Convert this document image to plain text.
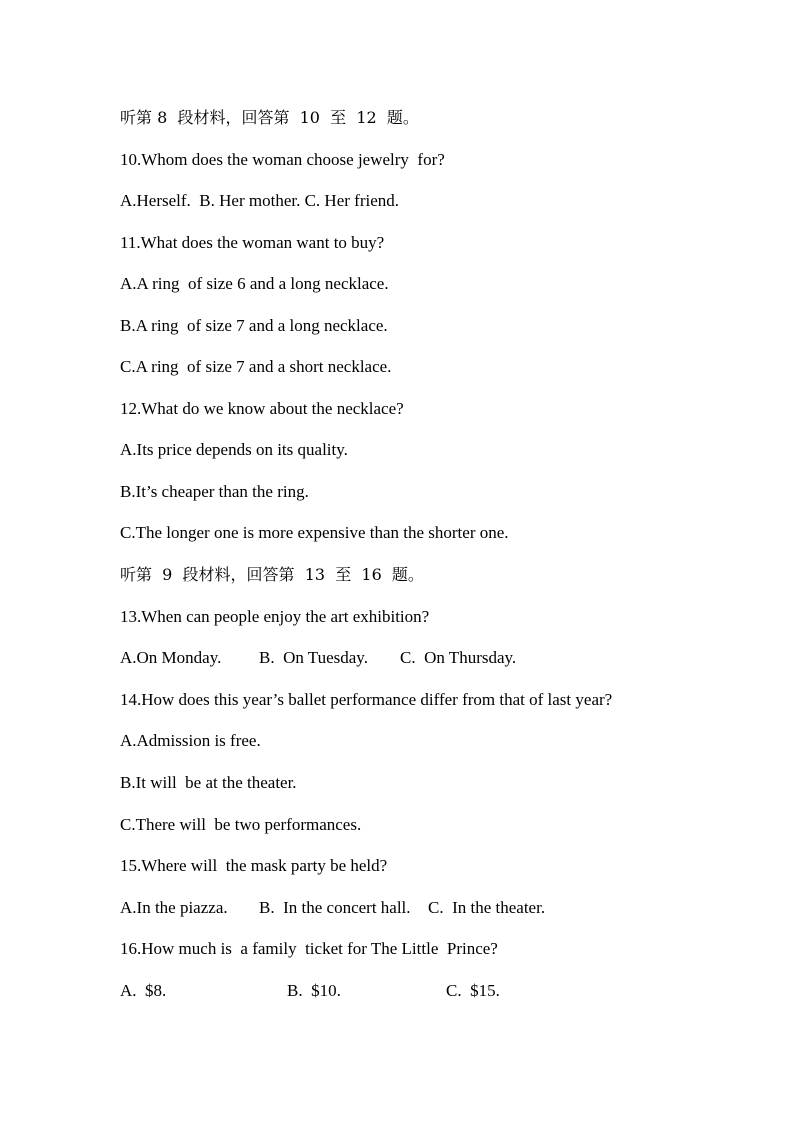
听第 8  段材料，回答第  10  至  12  题。
10.Whom does the woman choose jewelry  for?
A.Herself.  B. Her mother. C. Her friend.
11.What does the woman want to buy?
A.A ring  of size 6 and a long necklace.
B.A ring  of size 7 and a long necklace.
C.A ring  of size 7 and a short necklace.
12.What do we know about the necklace?
A.Its price depends on its quality.
B.It’s cheaper than the ring.
C.The longer one is more expensive than the shorter one.
听第  9  段材料，回答第  13  至  16  题。
13.When can people enjoy the art exhibition?
A.On Monday. B.  On Tuesday. C.  On Thursday.
14.How does this year’s ballet performance differ from that of last year?
A.Admission is free.
B.It will  be at the theater.
C.There will  be two performances.
15.Where will  the mask party be held?
A.In the piazza. B.  In the concert hall. C.  In the theater.
16.How much is  a family  ticket for The Little  Prince?
A.  $8.	B.  $10.	C.  $15.
